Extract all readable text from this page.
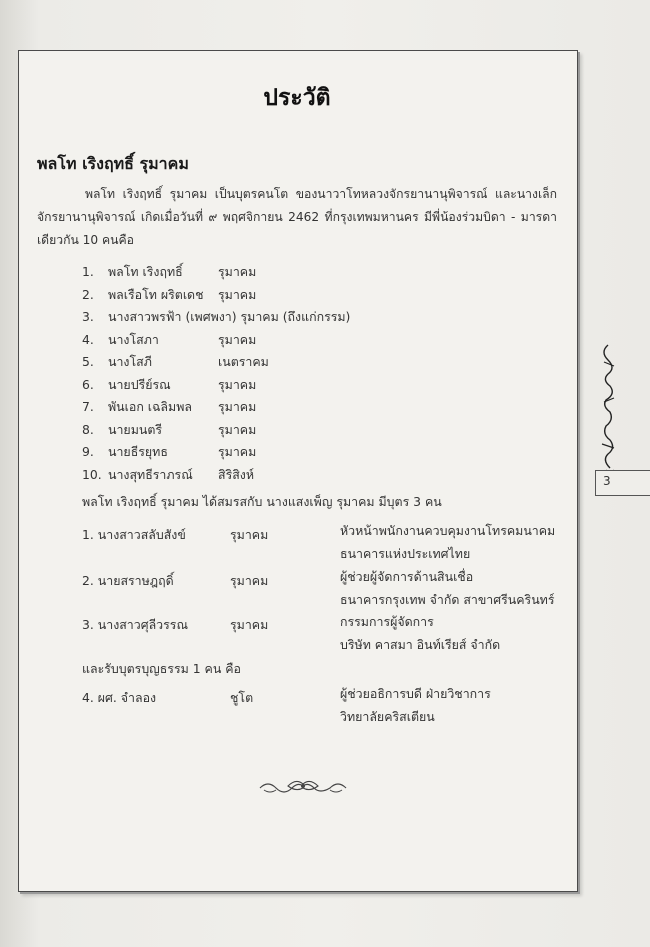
ประวัติ
พลโท เริงฤทธิ์ รุมาคม
พลโท เริงฤทธิ์ รุมาคม เป็นบุตรคนโต ของนาวาโทหลวงจักรยานานุพิจารณ์ และนางเล็ก จักรยานานุพิจารณ์ เกิดเมื่อวันที่ ๙ พฤศจิกายน 2462 ที่กรุงเทพมหานคร มีพี่น้องร่วมบิดา - มารดาเดียวกัน 10 คนคือ
1. พลโท เริงฤทธิ์	รุมาคม
2. พลเรือโท ผริตเดช รุมาคม
3. นางสาวพรฟ้า (เพศพงา) รุมาคม (ถึงแก่กรรม)
4. นางโสภา	รุมาคม
5. นางโสภี	เนตราคม
6. นายปรีย์รณ	รุมาคม
7. พันเอก เฉลิมพล รุมาคม
8. นายมนตรี	รุมาคม
9. นายธีรยุทธ	รุมาคม
10. นางสุทธีราภรณ์ สิริสิงห์
พลโท เริงฤทธิ์ รุมาคม ได้สมรสกับ นางแสงเพ็ญ รุมาคม มีบุตร 3 คน
1. นางสาวสลับสังข์	รุมาคม	หัวหน้าพนักงานควบคุมงานโทรคมนาคม
ธนาคารแห่งประเทศไทย
2. นายสราษฎฤดิ์	รุมาคม	ผู้ช่วยผู้จัดการด้านสินเชื่อ
ธนาคารกรุงเทพ จำกัด สาขาศรีนครินทร์
3. นางสาวศุลีวรรณ	รุมาคม	กรรมการผู้จัดการ
บริษัท คาสมา อินท์เรียส์ จำกัด
และรับบุตรบุญธรรม 1 คน คือ
4. ผศ. จำลอง	ชูโต	ผู้ช่วยอธิการบดี ฝ่ายวิชาการ
วิทยาลัยคริสเตียน
3
